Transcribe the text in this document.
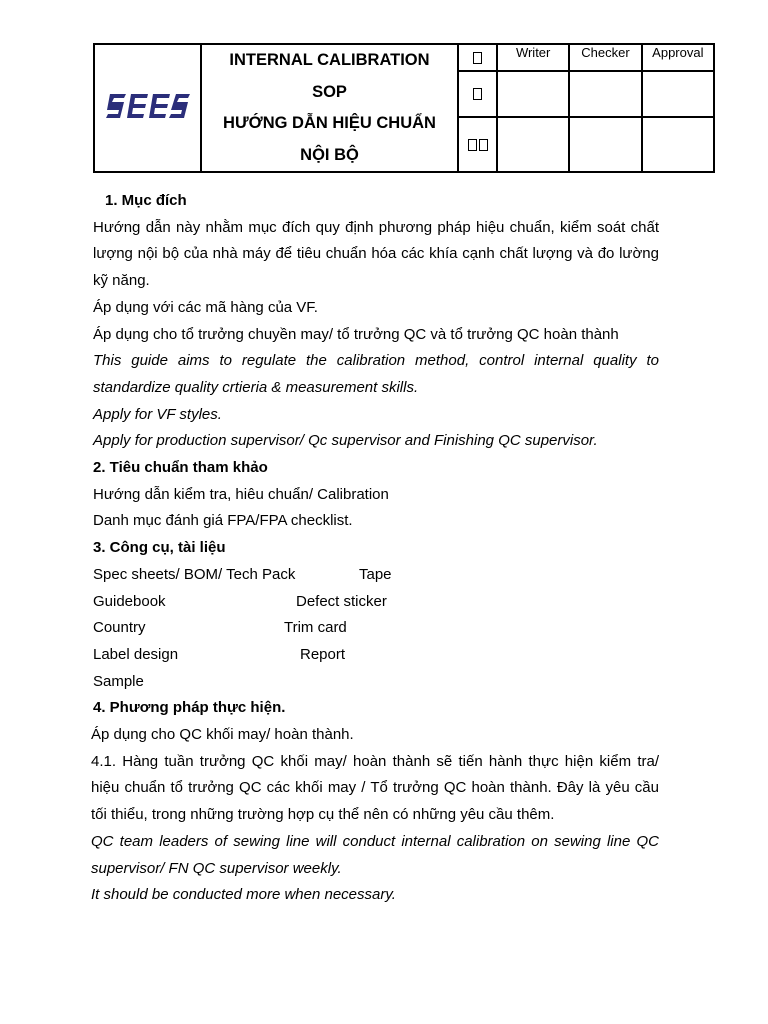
INTERNAL CALIBRATION
SOP
HƯỚNG DẪN HIỆU CHUẨN
NỘI BỘ		Writer	Checker	Approval

1. Mục đích

Hướng dẫn này nhằm mục đích quy định phương pháp hiệu chuẩn, kiểm soát chất lượng nội bộ của nhà máy để tiêu chuẩn hóa các khía cạnh chất lượng và đo lường kỹ năng.

Áp dụng với các mã hàng của VF.

Áp dụng cho tổ trưởng chuyền may/ tổ trưởng QC và tổ trưởng QC hoàn thành

This guide aims to regulate the calibration method, control internal quality to standardize quality crtieria & measurement skills.

Apply for VF styles.

Apply for production supervisor/ Qc supervisor and Finishing QC supervisor.

2. Tiêu chuẩn tham khảo

Hướng dẫn kiểm tra, hiêu chuẩn/ Calibration

Danh mục đánh giá FPA/FPA checklist.

3. Công cụ, tài liệu

Spec sheets/ BOM/ Tech Pack	Tape
Guidebook	Defect sticker
Country	Trim card
Label design	Report
Sample

4. Phương pháp thực hiện.

Áp dụng cho QC khối may/ hoàn thành.

4.1. Hàng tuần trưởng QC khối may/ hoàn thành sẽ tiến hành thực hiện kiểm tra/ hiệu chuẩn tổ trưởng QC các khối may / Tổ trưởng QC hoàn thành. Đây là yêu cầu tối thiểu, trong những trường hợp cụ thể nên có những yêu cầu thêm.

QC team leaders of sewing line will conduct internal calibration on sewing line QC supervisor/ FN QC supervisor weekly.

It should be conducted more when necessary.
